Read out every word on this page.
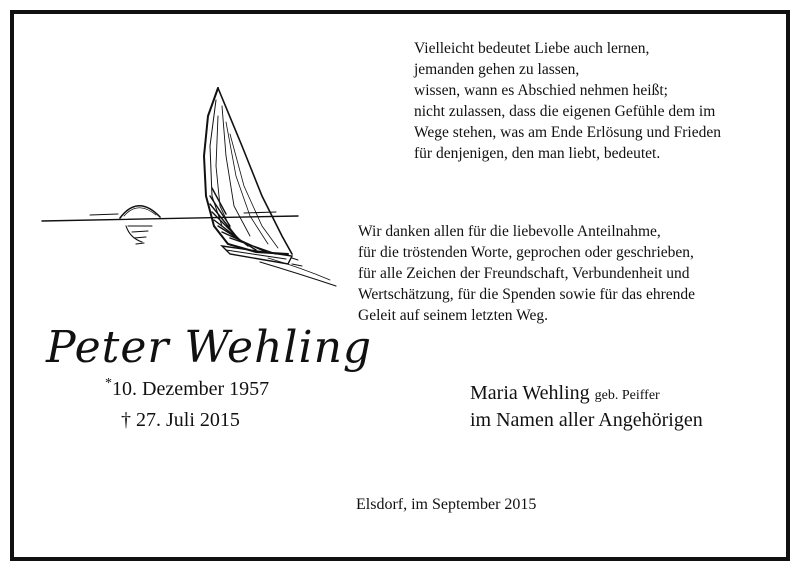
Vielleicht bedeutet Liebe auch lernen,
jemanden gehen zu lassen,
wissen, wann es Abschied nehmen heißt;
nicht zulassen, dass die eigenen Gefühle dem im
Wege stehen, was am Ende Erlösung und Frieden
für denjenigen, den man liebt, bedeutet.
Wir danken allen für die liebevolle Anteilnahme,
für die tröstenden Worte, geprochen oder geschrieben,
für alle Zeichen der Freundschaft, Verbundenheit und
Wertschätzung, für die Spenden sowie für das ehrende
Geleit auf seinem letzten Weg.
Peter Wehling
*10. Dezember 1957
† 27. Juli 2015
Maria Wehling geb. Peiffer
im Namen aller Angehörigen
Elsdorf, im September 2015
